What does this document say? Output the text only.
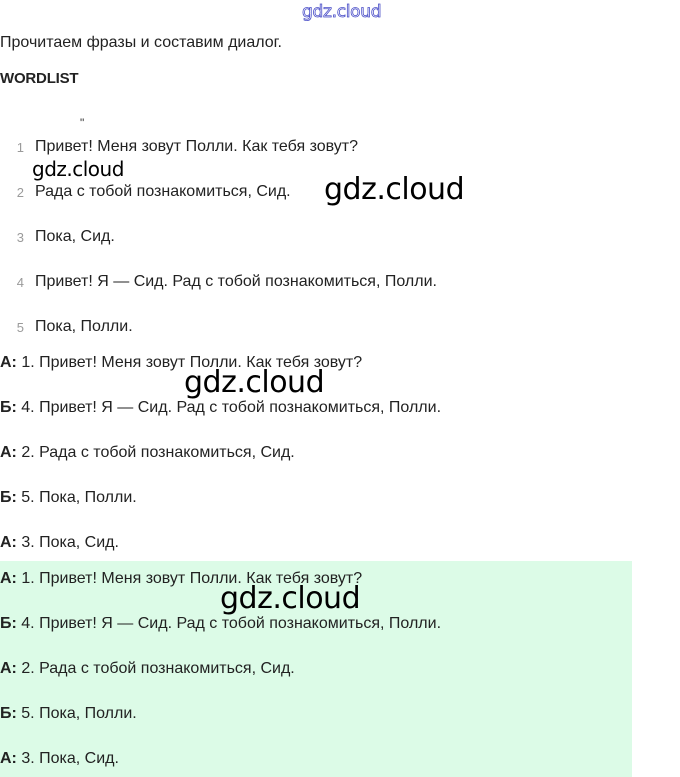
gdz.cloud
Прочитаем фразы и составим диалог.
WORDLIST
"
1 Привет! Меня зовут Полли. Как тебя зовут?
2 Рада с тобой познакомиться, Сид.
3 Пока, Сид.
4 Привет! Я — Сид. Рад с тобой познакомиться, Полли.
5 Пока, Полли.
А: 1. Привет! Меня зовут Полли. Как тебя зовут?
Б: 4. Привет! Я — Сид. Рад с тобой познакомиться, Полли.
А: 2. Рада с тобой познакомиться, Сид.
Б: 5. Пока, Полли.
А: 3. Пока, Сид.
А: 1. Привет! Меня зовут Полли. Как тебя зовут?
Б: 4. Привет! Я — Сид. Рад с тобой познакомиться, Полли.
А: 2. Рада с тобой познакомиться, Сид.
Б: 5. Пока, Полли.
А: 3. Пока, Сид.
gdz.cloud
gdz.cloud
gdz.cloud
gdz.cloud
